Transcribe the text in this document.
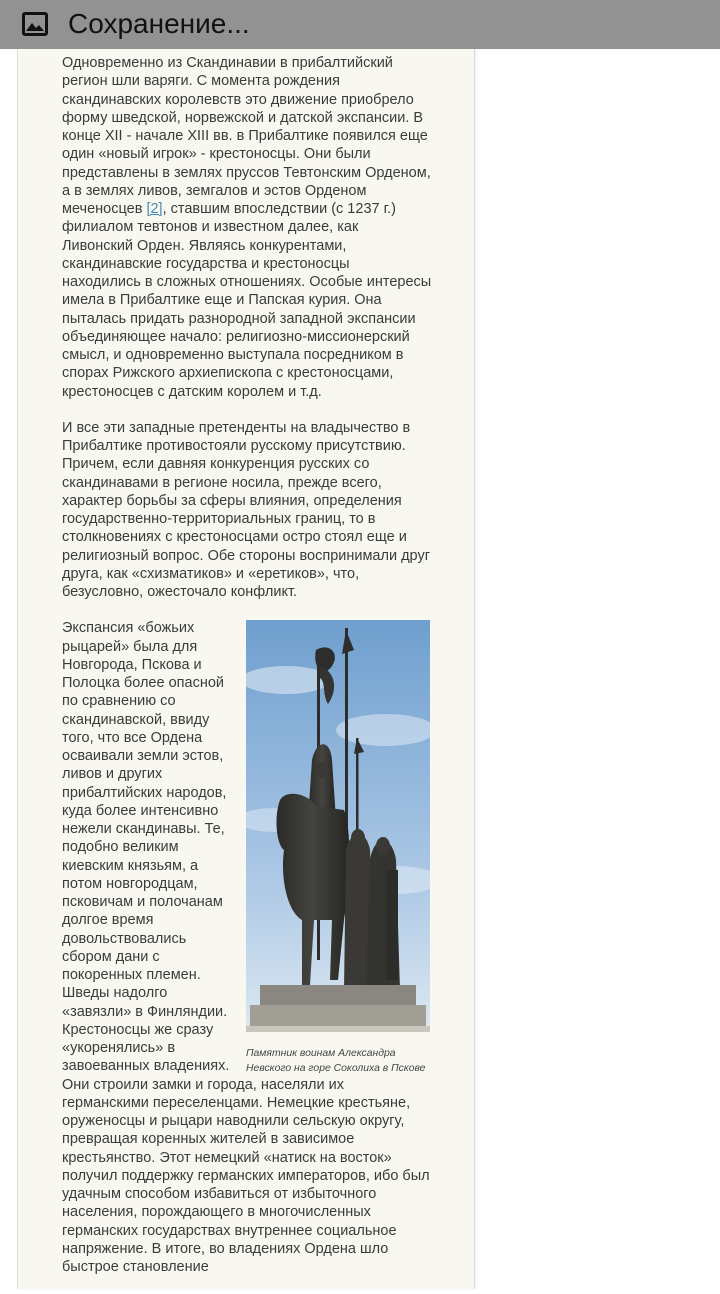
Сохранение...

Одновременно из Скандинавии в прибалтийский регион шли варяги. С момента рождения скандинавских королевств это движение приобрело форму шведской, норвежской и датской экспансии. В конце XII - начале XIII вв. в Прибалтике появился еще один «новый игрок» - крестоносцы. Они были представлены в землях пруссов Тевтонским Орденом, а в землях ливов, земгалов и эстов Орденом меченосцев [2], ставшим впоследствии (с 1237 г.) филиалом тевтонов и известном далее, как Ливонский Орден. Являясь конкурентами, скандинавские государства и крестоносцы находились в сложных отношениях. Особые интересы имела в Прибалтике еще и Папская курия. Она пыталась придать разнородной западной экспансии объединяющее начало: религиозно-миссионерский смысл, и одновременно выступала посредником в спорах Рижского архиепископа с крестоносцами, крестоносцев с датским королем и т.д.

И все эти западные претенденты на владычество в Прибалтике противостояли русскому присутствию. Причем, если давняя конкуренция русских со скандинавами в регионе носила, прежде всего, характер борьбы за сферы влияния, определения государственно-территориальных границ, то в столкновениях с крестоносцами остро стоял еще и религиозный вопрос. Обе стороны воспринимали друг друга, как «схизматиков» и «еретиков», что, безусловно, ожесточало конфликт.

Экспансия «божьих рыцарей» была для Новгорода, Пскова и Полоцка более опасной по сравнению со скандинавской, ввиду того, что все Ордена осваивали земли эстов, ливов и других прибалтийских народов, куда более интенсивно нежели скандинавы. Те, подобно великим киевским князьям, а потом новгородцам, псковичам и полочанам долгое время довольствовались сбором дани с покоренных племен. Шведы надолго «завязли» в Финляндии. Крестоносцы же сразу «укоренялись» в завоеванных владениях.
Они строили замки и города, населяли их германскими переселенцами. Немецкие крестьяне, оруженосцы и рыцари наводнили сельскую округу, превращая коренных жителей в зависимое крестьянство. Этот немецкий «натиск на восток» получил поддержку германских императоров, ибо был удачным способом избавиться от избыточного населения, порождающего в многочисленных германских государствах внутреннее социальное напряжение. В итоге, во владениях Ордена шло быстрое становление

Памятник воинам Александра Невского на горе Соколиха в Пскове
